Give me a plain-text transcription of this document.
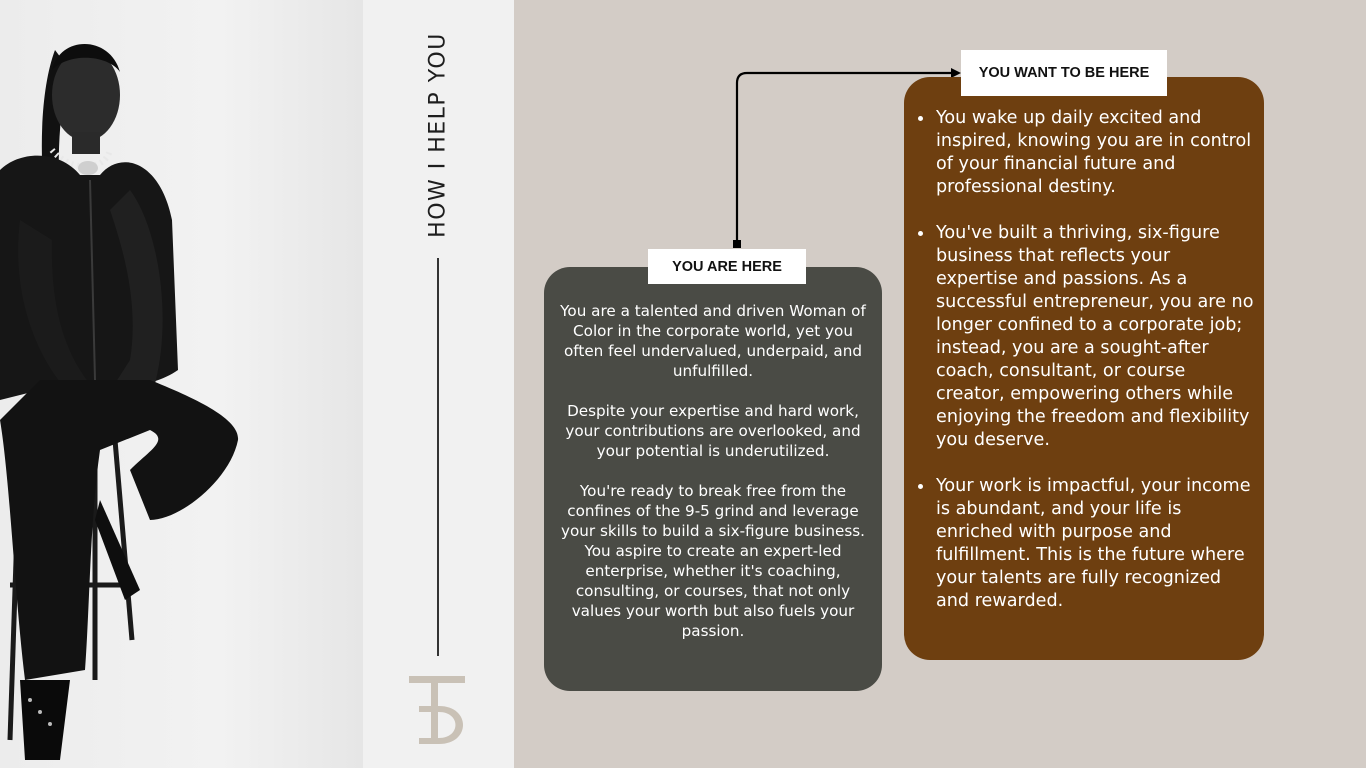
HOW I HELP YOU

You are a talented and driven Woman of Color in the corporate world, yet you often feel undervalued, underpaid, and unfulfilled.

Despite your expertise and hard work, your contributions are overlooked, and your potential is underutilized.

You're ready to break free from the confines of the 9-5 grind and leverage your skills to build a six-figure business. You aspire to create an expert-led enterprise, whether it's coaching, consulting, or courses, that not only values your worth but also fuels your passion.

YOU ARE HERE
You wake up daily excited and inspired, knowing you are in control of your financial future and professional destiny.
You've built a thriving, six-figure business that reflects your expertise and passions. As a successful entrepreneur, you are no longer confined to a corporate job; instead, you are a sought-after coach, consultant, or course creator, empowering others while enjoying the freedom and flexibility you deserve.
Your work is impactful, your income is abundant, and your life is enriched with purpose and fulfillment. This is the future where your talents are fully recognized and rewarded.
YOU WANT TO BE HERE
